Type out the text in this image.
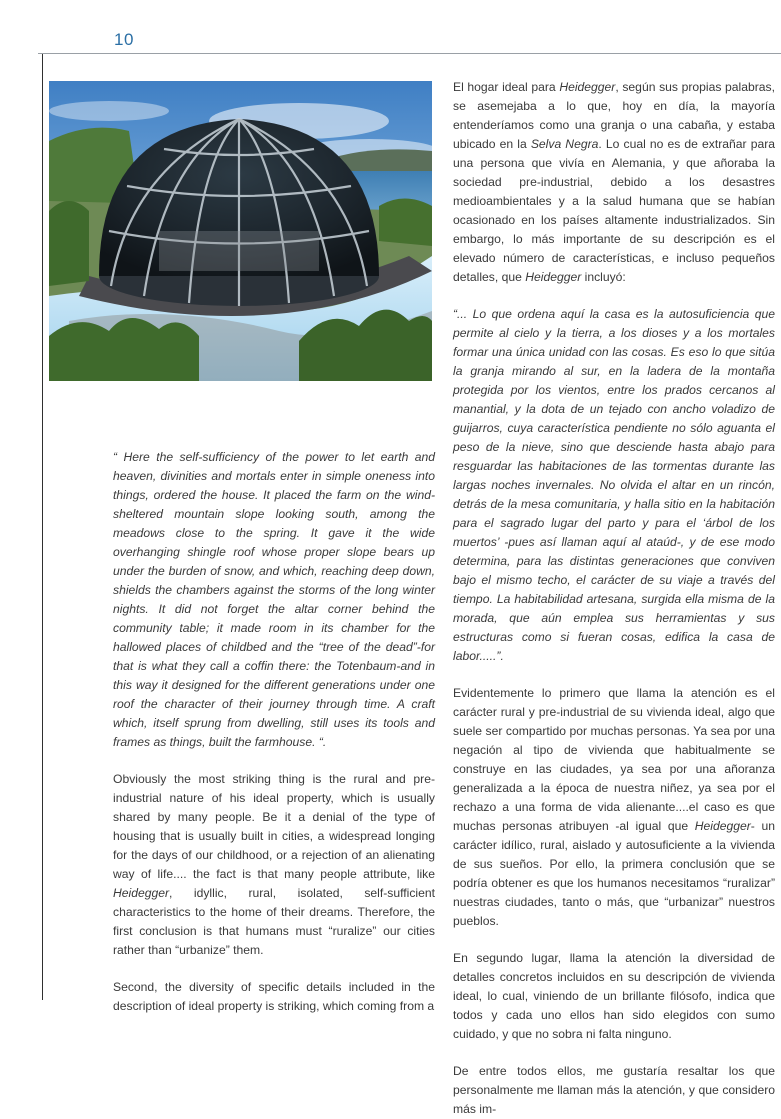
10

“ Here the self-sufficiency of the power to let earth and heaven, divinities and mortals enter in simple oneness into things, ordered the house. It placed the farm on the wind-sheltered mountain slope looking south, among the meadows close to the spring. It gave it the wide overhanging shingle roof whose proper slope bears up under the burden of snow, and which, reaching deep down, shields the chambers against the storms of the long winter nights. It did not forget the altar corner behind the community table; it made room in its chamber for the hallowed places of childbed and the “tree of the dead”-for that is what they call a coffin there: the Totenbaum-and in this way it designed for the different generations under one roof the character of their journey through time. A craft which, itself sprung from dwelling, still uses its tools and frames as things, built the farmhouse. “.

Obviously the most striking thing is the rural and pre-industrial nature of his ideal property, which is usually shared by many people. Be it a denial of the type of housing that is usually built in cities, a widespread longing for the days of our childhood, or a rejection of an alienating way of life.... the fact is that many people attribute, like Heidegger, idyllic, rural, isolated, self-sufficient characteristics to the home of their dreams. Therefore, the first conclusion is that humans must “ruralize” our cities rather than “urbanize” them.

Second, the diversity of specific details included in the description of ideal property is striking, which coming from a

El hogar ideal para Heidegger, según sus propias palabras, se asemejaba a lo que, hoy en día, la mayoría entenderíamos como una granja o una cabaña, y estaba ubicado en la Selva Negra. Lo cual no es de extrañar para una persona que vivía en Alemania, y que añoraba la sociedad pre-industrial, debido a los desastres medioambientales y a la salud humana que se habían ocasionado en los países altamente industrializados. Sin embargo, lo más importante de su descripción es el elevado número de características, e incluso pequeños detalles, que Heidegger incluyó:

“... Lo que ordena aquí la casa es la autosuficiencia que permite al cielo y la tierra, a los dioses y a los mortales formar una única unidad con las cosas. Es eso lo que sitúa la granja mirando al sur, en la ladera de la montaña protegida por los vientos, entre los prados cercanos al manantial, y la dota de un tejado con ancho voladizo de guijarros, cuya característica pendiente no sólo aguanta el peso de la nieve, sino que desciende hasta abajo para resguardar las habitaciones de las tormentas durante las largas noches invernales. No olvida el altar en un rincón, detrás de la mesa comunitaria, y halla sitio en la habitación para el sagrado lugar del parto y para el ‘árbol de los muertos’ -pues así llaman aquí al ataúd-, y de ese modo determina, para las distintas generaciones que conviven bajo el mismo techo, el carácter de su viaje a través del tiempo. La habitabilidad artesana, surgida ella misma de la morada, que aún emplea sus herramientas y sus estructuras como si fueran cosas, edifica la casa de labor.....”.

Evidentemente lo primero que llama la atención es el carácter rural y pre-industrial de su vivienda ideal, algo que suele ser compartido por muchas personas. Ya sea por una negación al tipo de vivienda que habitualmente se construye en las ciudades, ya sea por una añoranza generalizada a la época de nuestra niñez, ya sea por el rechazo a una forma de vida alienante....el caso es que muchas personas atribuyen -al igual que Heidegger- un carácter idílico, rural, aislado y autosuficiente a la vivienda de sus sueños. Por ello, la primera conclusión que se podría obtener es que los humanos necesitamos “ruralizar” nuestras ciudades, tanto o más, que “urbanizar” nuestros pueblos.

En segundo lugar, llama la atención la diversidad de detalles concretos incluidos en su descripción de vivienda ideal, lo cual, viniendo de un brillante filósofo, indica que todos y cada uno ellos han sido elegidos con sumo cuidado, y que no sobra ni falta ninguno.

De entre todos ellos, me gustaría resaltar los que personalmente me llaman más la atención, y que considero más im-
